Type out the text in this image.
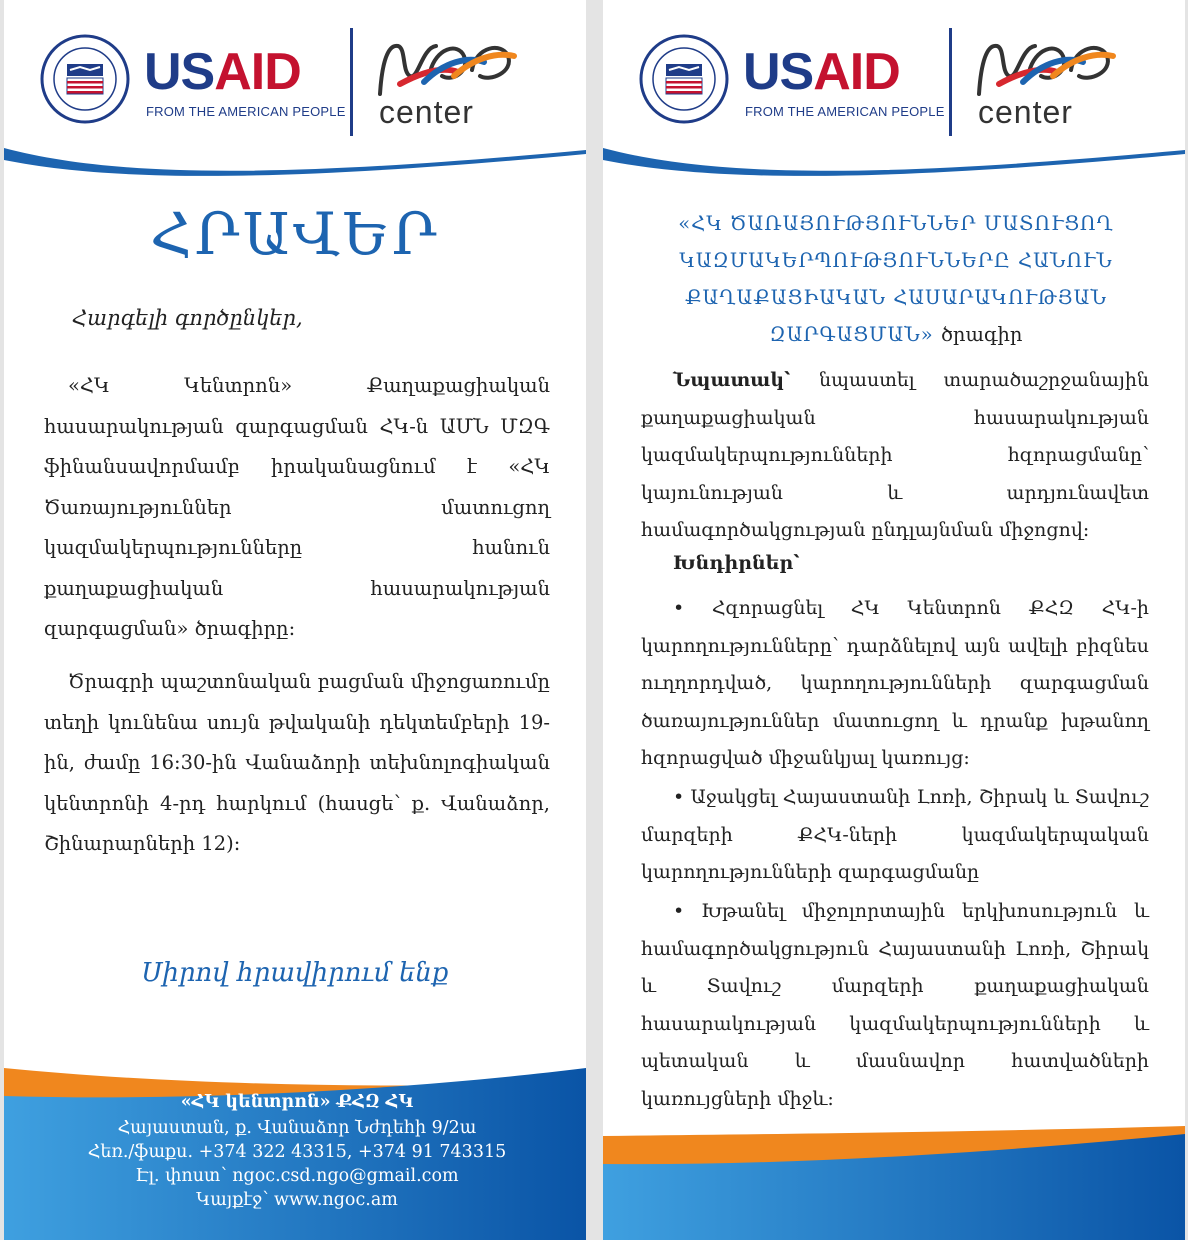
USAID
FROM THE AMERICAN PEOPLE center
ՀՐԱՎԵՐ
Հարգելի գործընկեր,
«ՀԿ Կենտրոն» Քաղաքացիական հասարակության զարգացման ՀԿ-ն ԱՄՆ ՄԶԳ ֆինանսավորմամբ իրականացնում է «ՀԿ Ծառայություններ մատուցող կազմակերպությունները հանուն քաղաքացիական հասարակության զարգացման» ծրագիրը:
Ծրագրի պաշտոնական բացման միջոցառումը տեղի կունենա սույն թվականի դեկտեմբերի 19-ին, ժամը 16:30-ին Վանաձորի տեխնոլոգիական կենտրոնի 4-րդ հարկում (հասցե՝ ք. Վանաձոր, Շինարարների 12):
Սիրով հրավիրում ենք
«ՀԿ կենտրոն» ՔՀԶ ՀԿ
Հայաստան, ք. Վանաձոր Նժդեհի 9/2ա
Հեռ./ֆաքս. +374 322 43315, +374 91 743315
Էլ. փոստ՝ ngoc.csd.ngo@gmail.com
Կայքէջ՝ www.ngoc.am
USAID
FROM THE AMERICAN PEOPLE center
«ՀԿ ԾԱՌԱՅՈՒԹՅՈՒՆՆԵՐ ՄԱՏՈՒՑՈՂ ԿԱԶՄԱԿԵՐՊՈՒԹՅՈՒՆՆԵՐԸ ՀԱՆՈՒՆ ՔԱՂԱՔԱՑԻԱԿԱՆ ՀԱՍԱՐԱԿՈՒԹՅԱՆ ԶԱՐԳԱՑՄԱՆ» ծրագիր
Նպատակ՝ նպաստել տարածաշրջանային քաղաքացիական հասարակության կազմակերպությունների հզորացմանը՝ կայունության և արդյունավետ համագործակցության ընդլայնման միջոցով:
Խնդիրներ՝
• Հզորացնել ՀԿ Կենտրոն ՔՀԶ ՀԿ-ի կարողությունները՝ դարձնելով այն ավելի բիզնես ուղղորդված, կարողությունների զարգացման ծառայություններ մատուցող և դրանք խթանող հզորացված միջանկյալ կառույց:
• Աջակցել Հայաստանի Լոռի, Շիրակ և Տավուշ մարզերի ՔՀԿ-ների կազմակերպական կարողությունների զարգացմանը
• Խթանել միջոլորտային երկխոսություն և համագործակցություն Հայաստանի Լոռի, Շիրակ և Տավուշ մարզերի քաղաքացիական հասարակության կազմակերպությունների և պետական և մասնավոր հատվածների կառույցների միջև:
